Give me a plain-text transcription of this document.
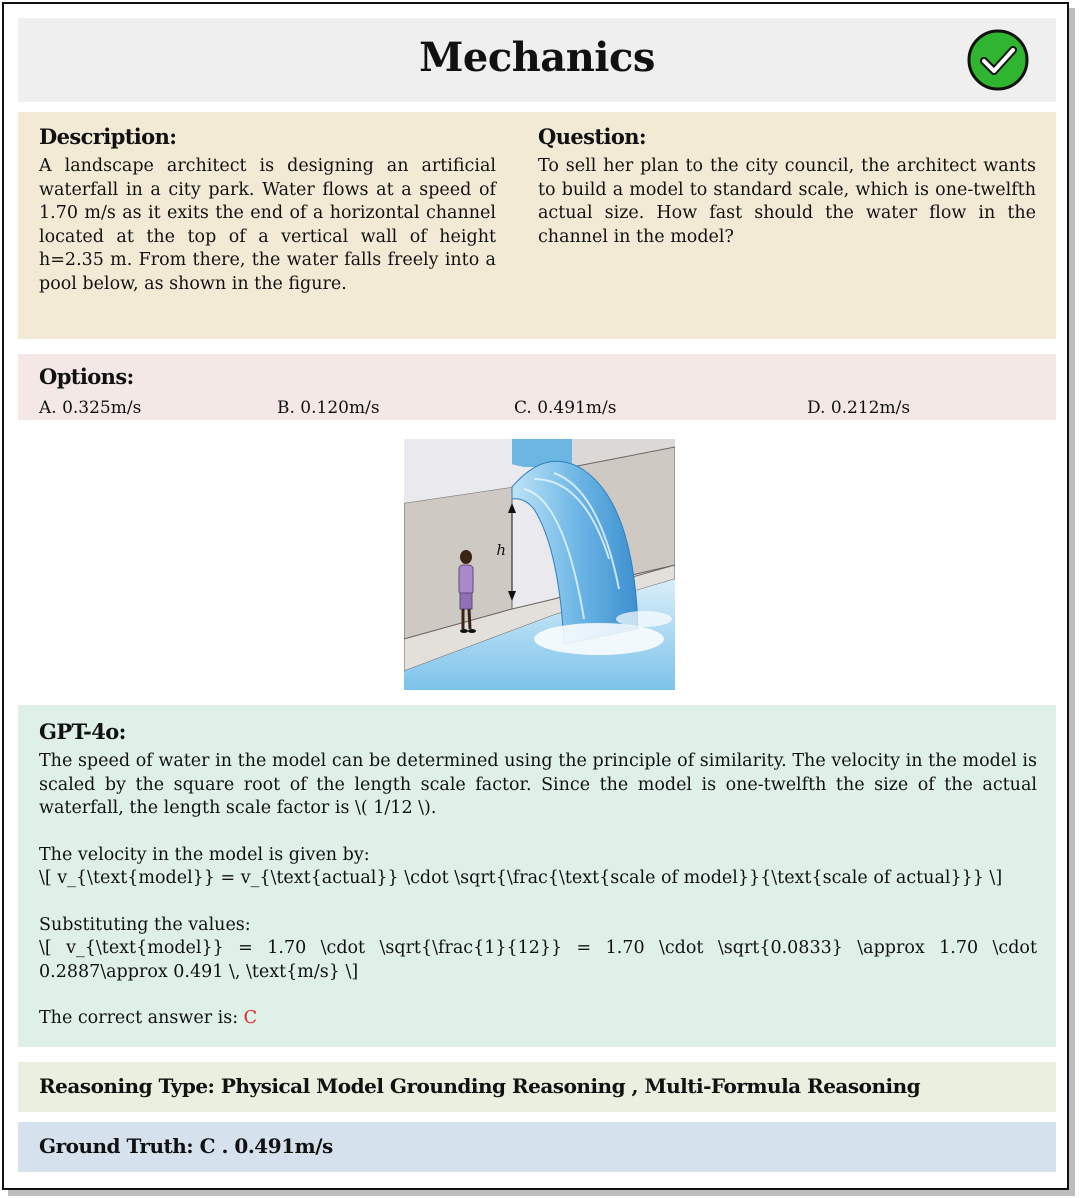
Mechanics
Description:

A landscape architect is designing an artificial waterfall in a city park. Water flows at a speed of 1.70 m/s as it exits the end of a horizontal channel located at the top of a vertical wall of height h=2.35 m. From there, the water falls freely into a pool below, as shown in the figure.

Question:

To sell her plan to the city council, the architect wants to build a model to standard scale, which is one-twelfth actual size. How fast should the water flow in the channel in the model?

Options:
A. 0.325m/s	B. 0.120m/s	C. 0.491m/s	D. 0.212m/s
h
GPT-4o:

The speed of water in the model can be determined using the principle of similarity. The velocity in the model is scaled by the square root of the length scale factor. Since the model is one-twelfth the size of the actual waterfall, the length scale factor is \( 1/12 \).

The velocity in the model is given by:
\[ v_{\text{model}} = v_{\text{actual}} \cdot \sqrt{\frac{\text{scale of model}}{\text{scale of actual}}} \]

Substituting the values:
\[ v_{\text{model}} = 1.70 \cdot \sqrt{\frac{1}{12}} = 1.70 \cdot \sqrt{0.0833} \approx 1.70 \cdot 0.2887\approx 0.491 \, \text{m/s} \]

The correct answer is: C

Reasoning Type: Physical Model Grounding Reasoning , Multi-Formula Reasoning
Ground Truth: C . 0.491m/s
